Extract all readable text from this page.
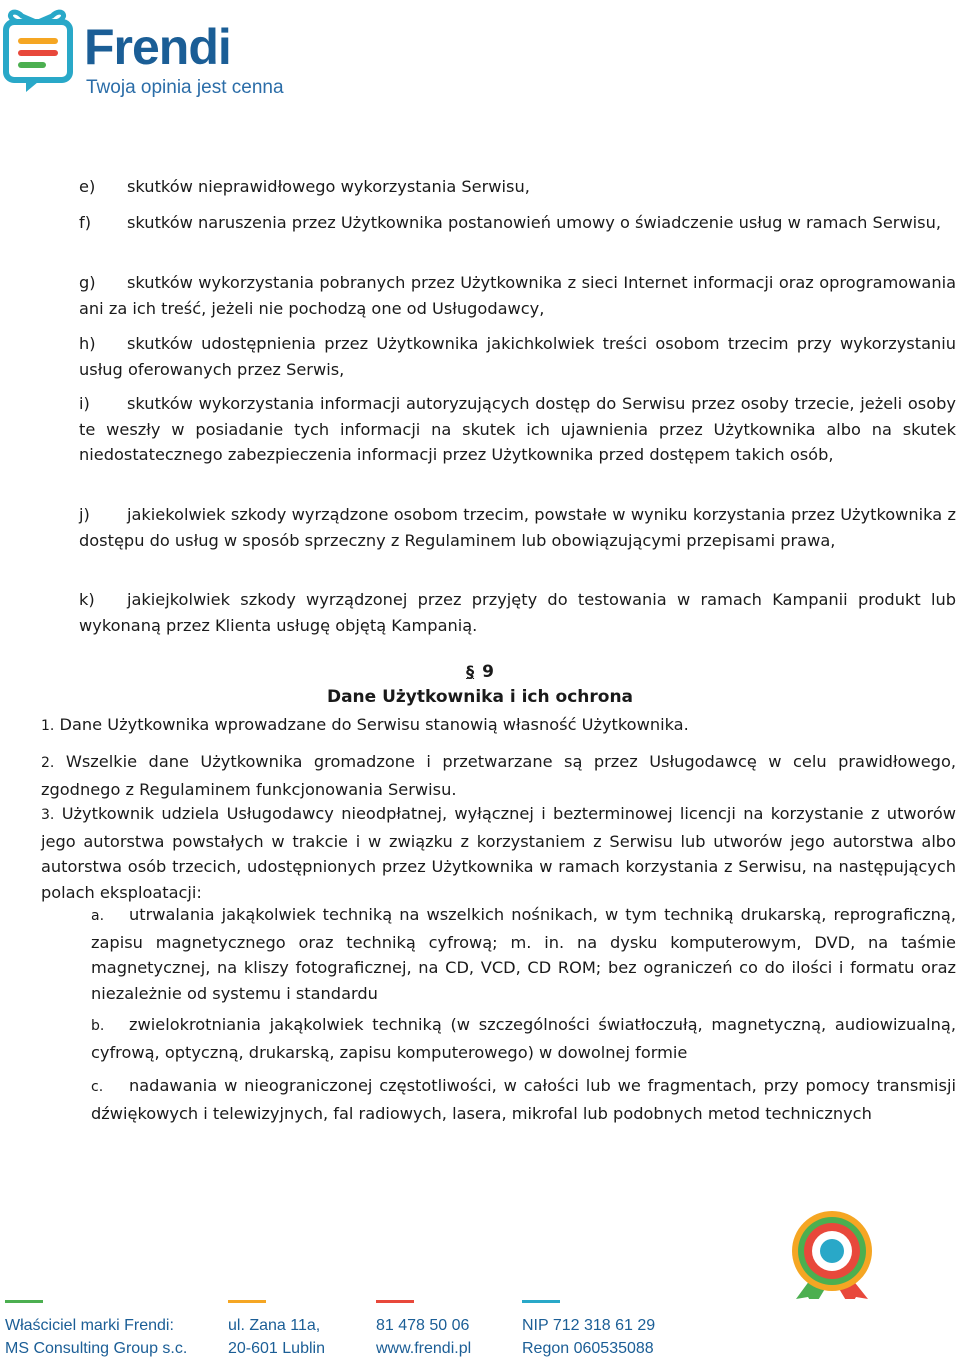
Frendi
Twoja opinia jest cenna
e) skutków nieprawidłowego wykorzystania Serwisu,
f) skutków naruszenia przez Użytkownika postanowień umowy o świadczenie usług w ramach Serwisu,
g) skutków wykorzystania pobranych przez Użytkownika z sieci Internet informacji oraz oprogramowania ani za ich treść, jeżeli nie pochodzą one od Usługodawcy,
h) skutków udostępnienia przez Użytkownika jakichkolwiek treści osobom trzecim przy wykorzystaniu usług oferowanych przez Serwis,
i) skutków wykorzystania informacji autoryzujących dostęp do Serwisu przez osoby trzecie, jeżeli osoby te weszły w posiadanie tych informacji na skutek ich ujawnienia przez Użytkownika albo na skutek niedostatecznego zabezpieczenia informacji przez Użytkownika przed dostępem takich osób,
j) jakiekolwiek szkody wyrządzone osobom trzecim, powstałe w wyniku korzystania przez Użytkownika z dostępu do usług w sposób sprzeczny z Regulaminem lub obowiązującymi przepisami prawa,
k) jakiejkolwiek szkody wyrządzonej przez przyjęty do testowania w ramach Kampanii produkt lub wykonaną przez Klienta usługę objętą Kampanią.
§ 9
Dane Użytkownika i ich ochrona
1. Dane Użytkownika wprowadzane do Serwisu stanowią własność Użytkownika.
2. Wszelkie dane Użytkownika gromadzone i przetwarzane są przez Usługodawcę w celu prawidłowego, zgodnego z Regulaminem funkcjonowania Serwisu.
3. Użytkownik udziela Usługodawcy nieodpłatnej, wyłącznej i bezterminowej licencji na korzystanie z utworów jego autorstwa powstałych w trakcie i w związku z korzystaniem z Serwisu lub utworów jego autorstwa albo autorstwa osób trzecich, udostępnionych przez Użytkownika w ramach korzystania z Serwisu, na następujących polach eksploatacji:
a. utrwalania jakąkolwiek techniką na wszelkich nośnikach, w tym techniką drukarską, reprograficzną, zapisu magnetycznego oraz techniką cyfrową; m. in. na dysku komputerowym, DVD, na taśmie magnetycznej, na kliszy fotograficznej, na CD, VCD, CD ROM; bez ograniczeń co do ilości i formatu oraz niezależnie od systemu i standardu
b. zwielokrotniania jakąkolwiek techniką (w szczególności światłoczułą, magnetyczną, audiowizualną, cyfrową, optyczną, drukarską, zapisu komputerowego) w dowolnej formie
c. nadawania w nieograniczonej częstotliwości, w całości lub we fragmentach, przy pomocy transmisji dźwiękowych i telewizyjnych, fal radiowych, lasera, mikrofal lub podobnych metod technicznych
Właściciel marki Frendi:
MS Consulting Group s.c.
ul. Zana 11a,
20-601 Lublin
81 478 50 06
www.frendi.pl
NIP 712 318 61 29
Regon 060535088
